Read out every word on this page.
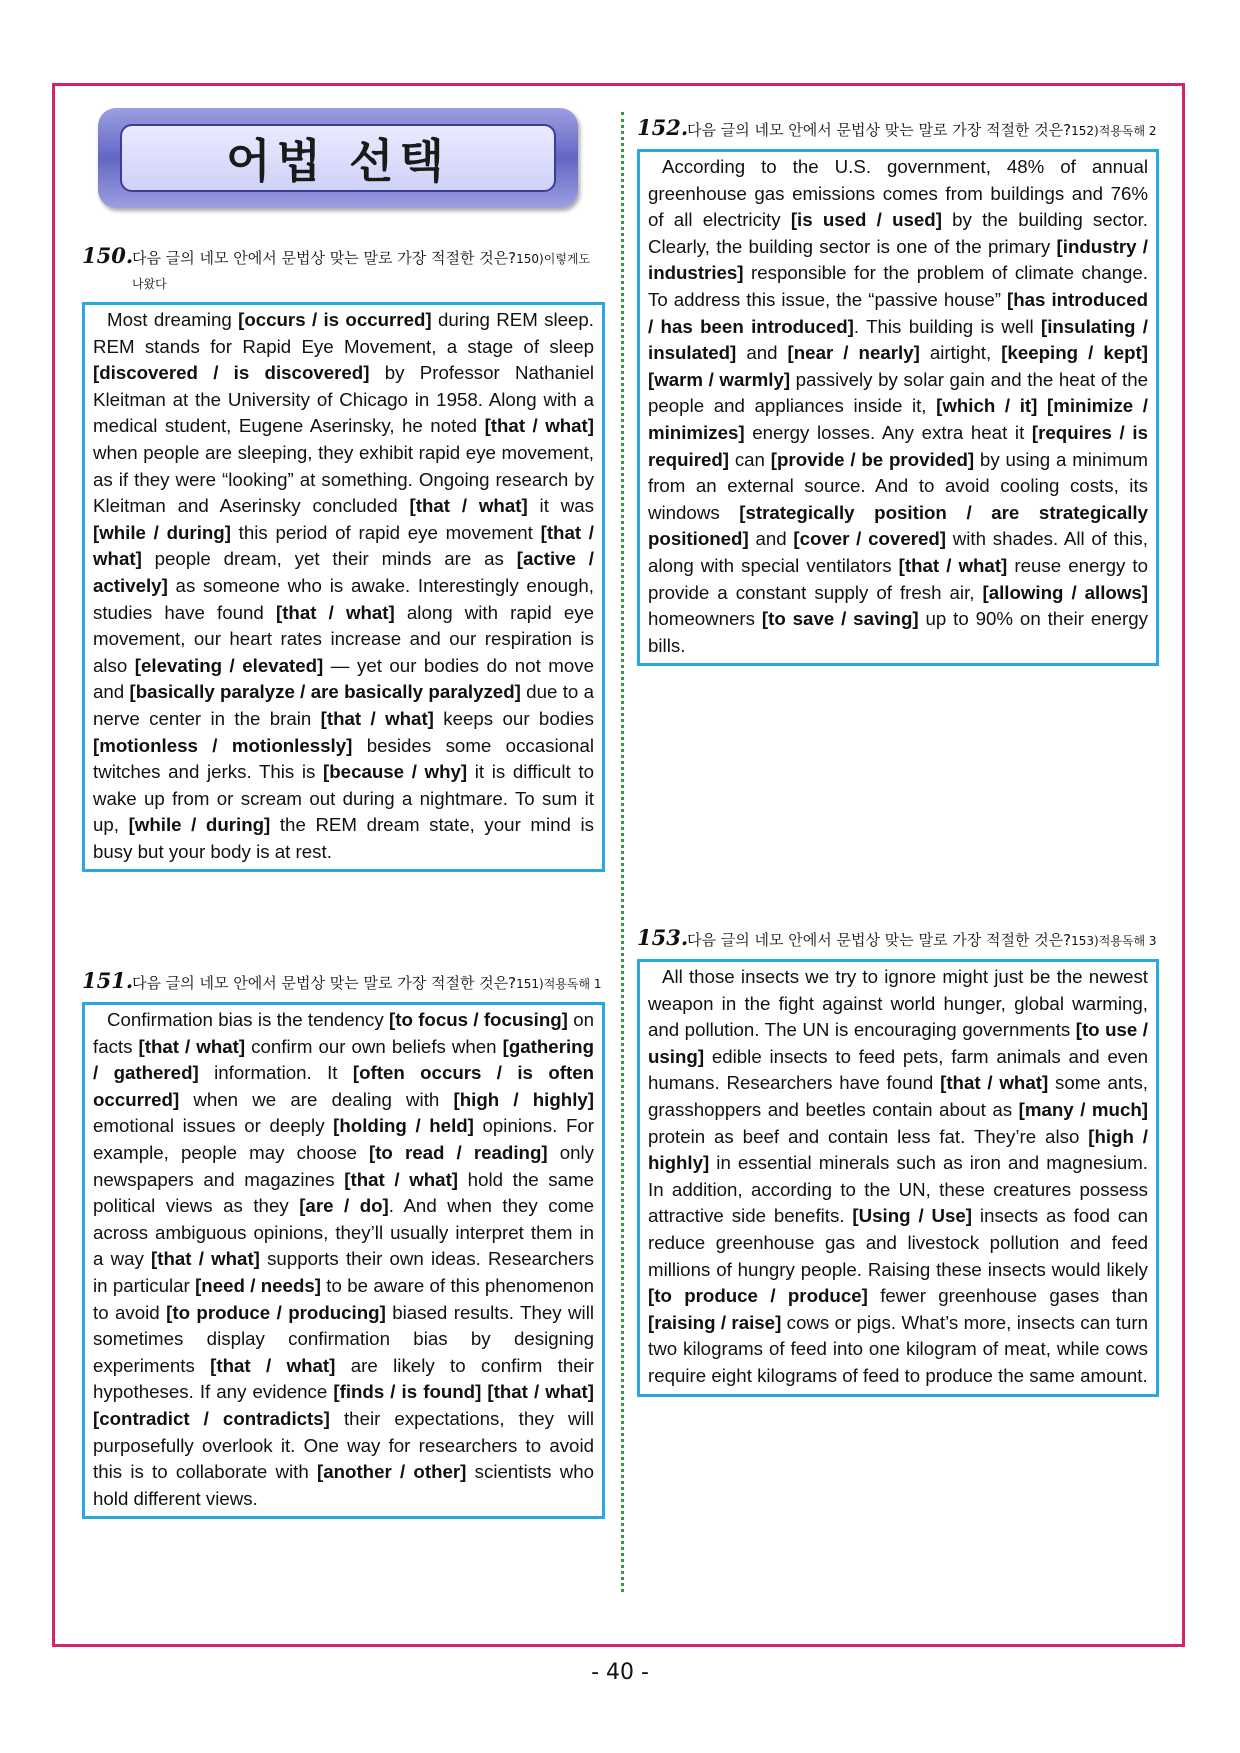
어법 선택
150.다음 글의 네모 안에서 문법상 맞는 말로 가장 적절한 것은?150)이렇게도 나왔다
Most dreaming [occurs / is occurred] during REM sleep. REM stands for Rapid Eye Movement, a stage of sleep [discovered / is discovered] by Professor Nathaniel Kleitman at the University of Chicago in 1958. Along with a medical student, Eugene Aserinsky, he noted [that / what] when people are sleeping, they exhibit rapid eye movement, as if they were “looking” at something. Ongoing research by Kleitman and Aserinsky concluded [that / what] it was [while / during] this period of rapid eye movement [that / what] people dream, yet their minds are as [active / actively] as someone who is awake. Interestingly enough, studies have found [that / what] along with rapid eye movement, our heart rates increase and our respiration is also [elevating / elevated] — yet our bodies do not move and [basically paralyze / are basically paralyzed] due to a nerve center in the brain [that / what] keeps our bodies [motionless / motionlessly] besides some occasional twitches and jerks. This is [because / why] it is difficult to wake up from or scream out during a nightmare. To sum it up, [while / during] the REM dream state, your mind is busy but your body is at rest.
151.다음 글의 네모 안에서 문법상 맞는 말로 가장 적절한 것은?151)적용독해 1
Confirmation bias is the tendency [to focus / focusing] on facts [that / what] confirm our own beliefs when [gathering / gathered] information. It [often occurs / is often occurred] when we are dealing with [high / highly] emotional issues or deeply [holding / held] opinions. For example, people may choose [to read / reading] only newspapers and magazines [that / what] hold the same political views as they [are / do]. And when they come across ambiguous opinions, they’ll usually interpret them in a way [that / what] supports their own ideas. Researchers in particular [need / needs] to be aware of this phenomenon to avoid [to produce / producing] biased results. They will sometimes display confirmation bias by designing experiments [that / what] are likely to confirm their hypotheses. If any evidence [finds / is found] [that / what] [contradict / contradicts] their expectations, they will purposefully overlook it. One way for researchers to avoid this is to collaborate with [another / other] scientists who hold different views.
152.다음 글의 네모 안에서 문법상 맞는 말로 가장 적절한 것은?152)적용독해 2
According to the U.S. government, 48% of annual greenhouse gas emissions comes from buildings and 76% of all electricity [is used / used] by the building sector. Clearly, the building sector is one of the primary [industry / industries] responsible for the problem of climate change. To address this issue, the “passive house” [has introduced / has been introduced]. This building is well [insulating / insulated] and [near / nearly] airtight, [keeping / kept] [warm / warmly] passively by solar gain and the heat of the people and appliances inside it, [which / it] [minimize / minimizes] energy losses. Any extra heat it [requires / is required] can [provide / be provided] by using a minimum from an external source. And to avoid cooling costs, its windows [strategically position / are strategically positioned] and [cover / covered] with shades. All of this, along with special ventilators [that / what] reuse energy to provide a constant supply of fresh air, [allowing / allows] homeowners [to save / saving] up to 90% on their energy bills.
153.다음 글의 네모 안에서 문법상 맞는 말로 가장 적절한 것은?153)적용독해 3
All those insects we try to ignore might just be the newest weapon in the fight against world hunger, global warming, and pollution. The UN is encouraging governments [to use / using] edible insects to feed pets, farm animals and even humans. Researchers have found [that / what] some ants, grasshoppers and beetles contain about as [many / much] protein as beef and contain less fat. They’re also [high / highly] in essential minerals such as iron and magnesium. In addition, according to the UN, these creatures possess attractive side benefits. [Using / Use] insects as food can reduce greenhouse gas and livestock pollution and feed millions of hungry people. Raising these insects would likely [to produce / produce] fewer greenhouse gases than [raising / raise] cows or pigs. What’s more, insects can turn two kilograms of feed into one kilogram of meat, while cows require eight kilograms of feed to produce the same amount.
- 40 -
